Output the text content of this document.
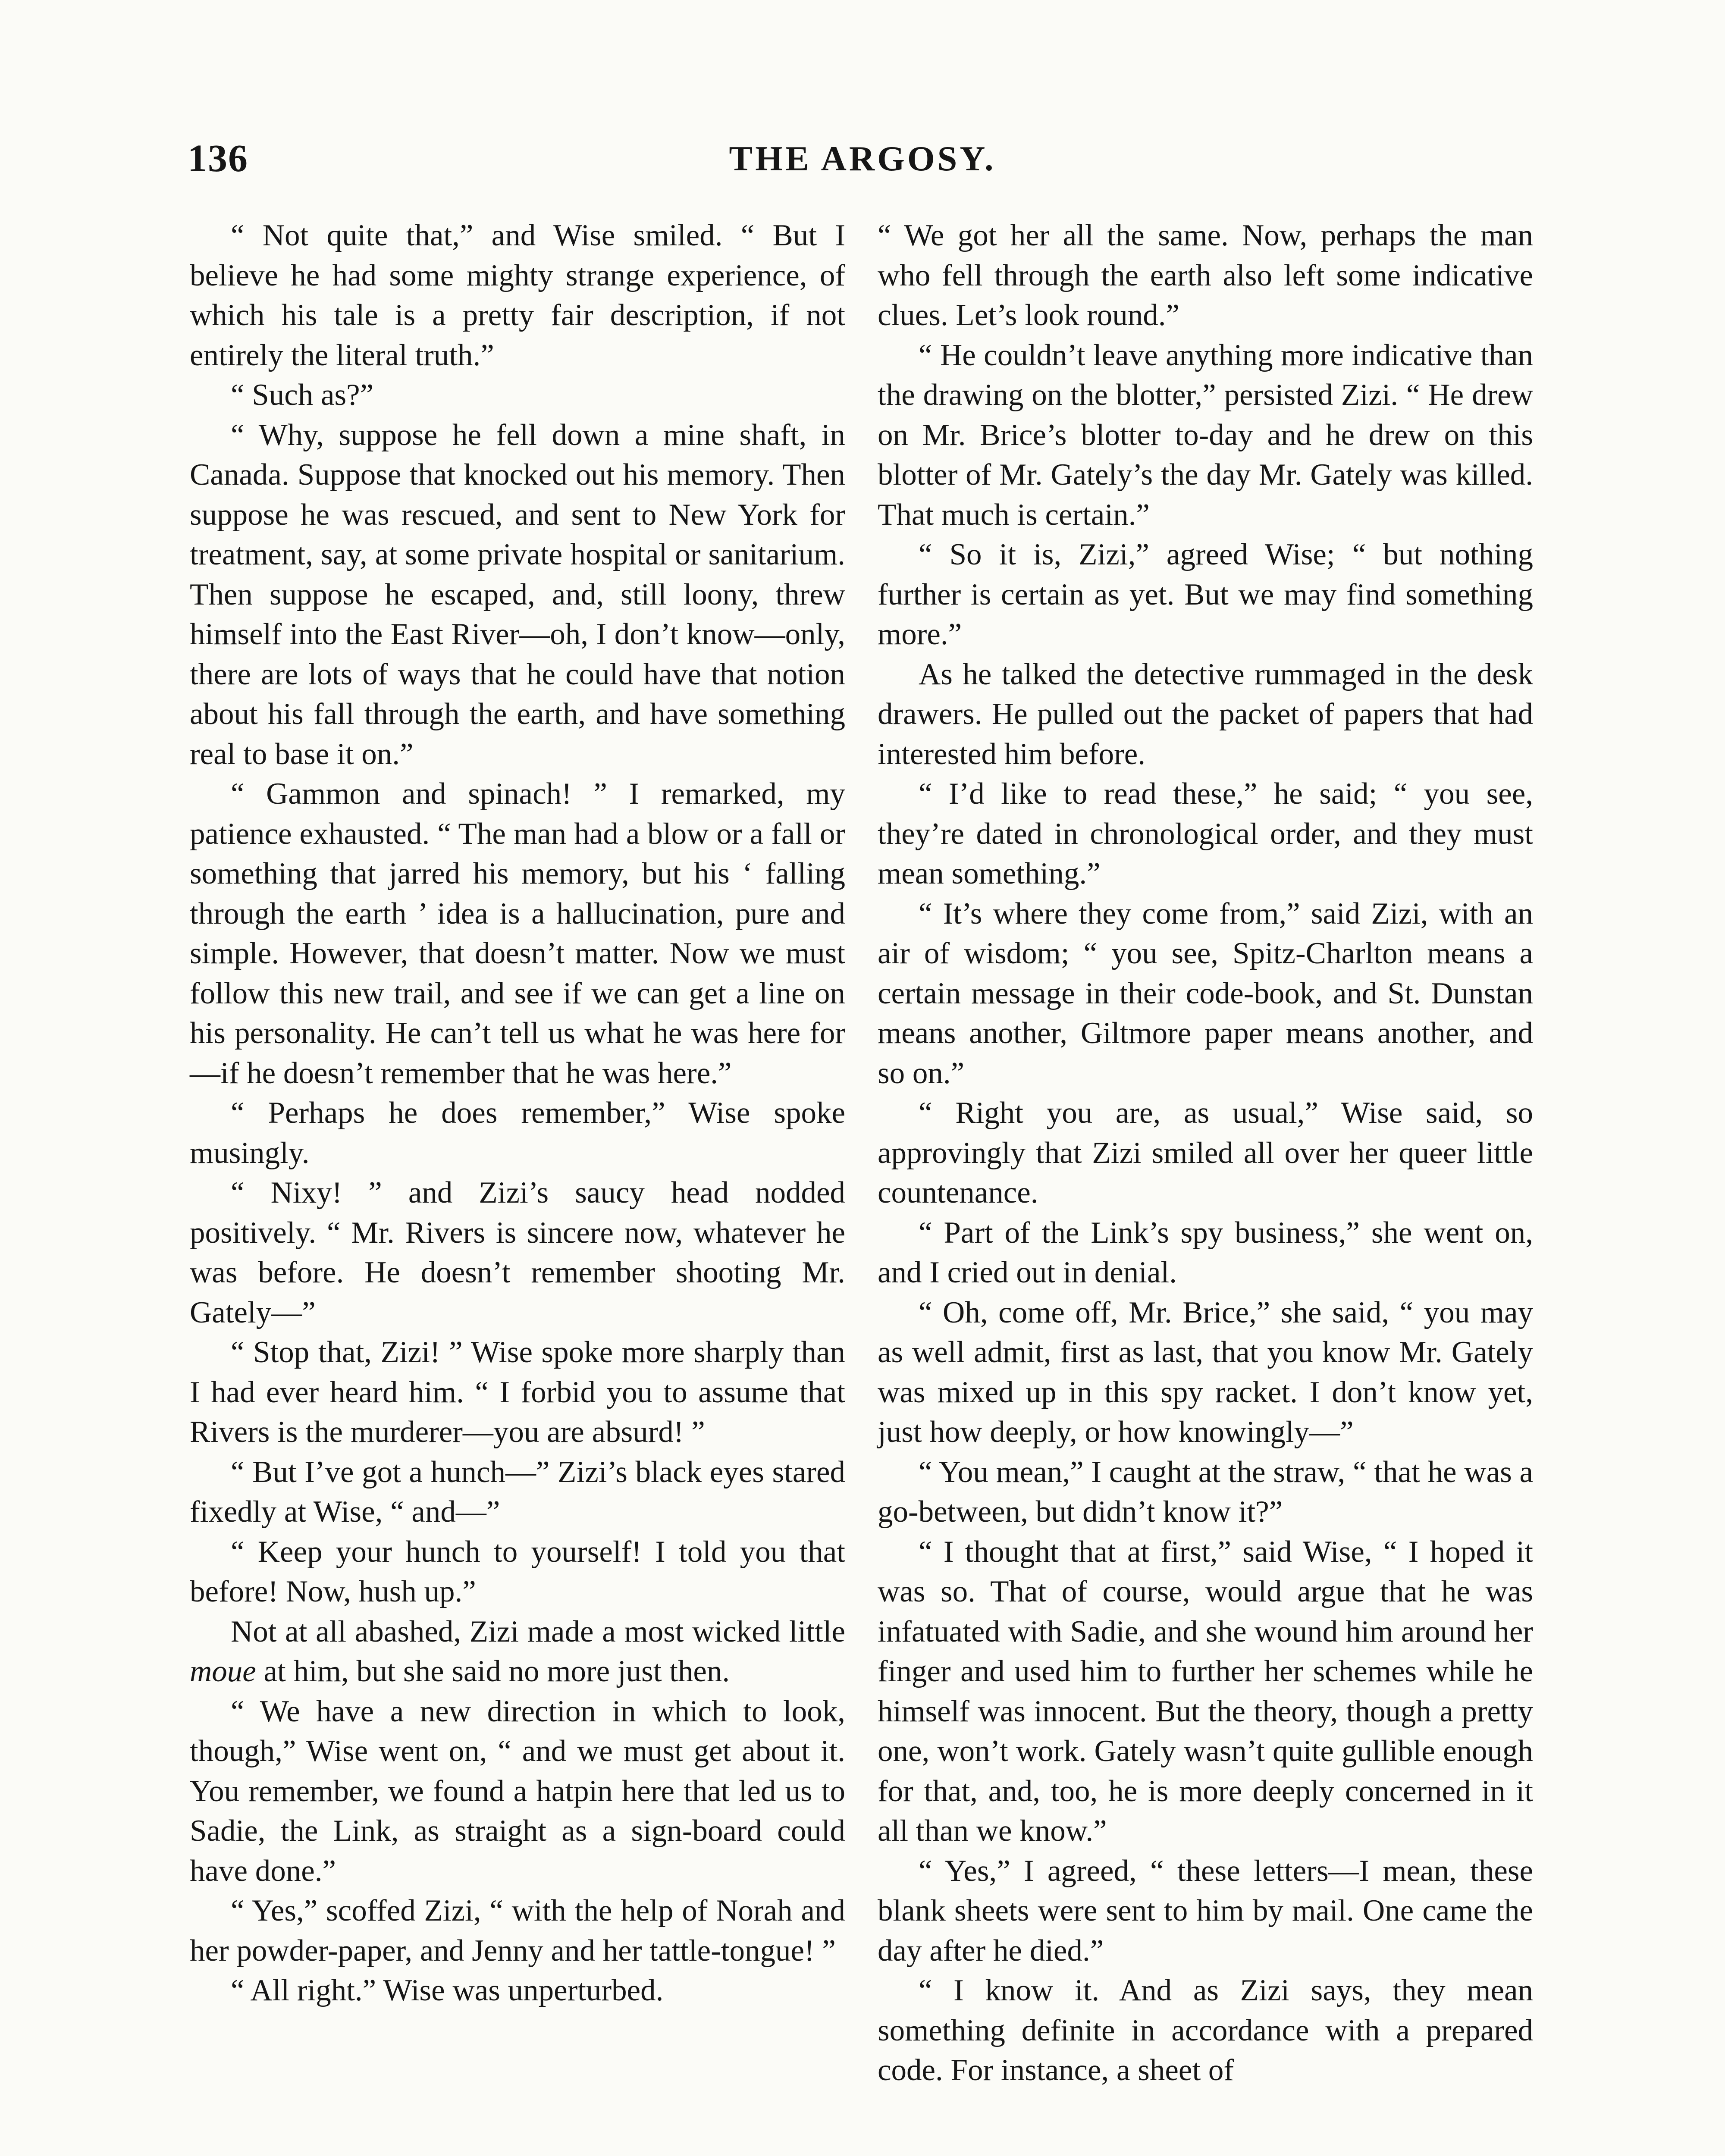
136	THE ARGOSY.

“ Not quite that,” and Wise smiled. “ But I believe he had some mighty strange experience, of which his tale is a pretty fair description, if not entirely the literal truth.”

“ Such as?”

“ Why, suppose he fell down a mine shaft, in Canada. Suppose that knocked out his memory. Then suppose he was rescued, and sent to New York for treatment, say, at some private hospital or sanitarium. Then suppose he escaped, and, still loony, threw himself into the East River—oh, I don’t know—only, there are lots of ways that he could have that notion about his fall through the earth, and have something real to base it on.”

“ Gammon and spinach! ” I remarked, my patience exhausted. “ The man had a blow or a fall or something that jarred his memory, but his ‘ falling through the earth ’ idea is a hallucination, pure and simple. However, that doesn’t matter. Now we must follow this new trail, and see if we can get a line on his personality. He can’t tell us what he was here for—if he doesn’t remember that he was here.”

“ Perhaps he does remember,” Wise spoke musingly.

“ Nixy! ” and Zizi’s saucy head nodded positively. “ Mr. Rivers is sincere now, whatever he was before. He doesn’t remember shooting Mr. Gately—”

“ Stop that, Zizi! ” Wise spoke more sharply than I had ever heard him. “ I forbid you to assume that Rivers is the murderer—you are absurd! ”

“ But I’ve got a hunch—” Zizi’s black eyes stared fixedly at Wise, “ and—”

“ Keep your hunch to yourself! I told you that before! Now, hush up.”

Not at all abashed, Zizi made a most wicked little moue at him, but she said no more just then.

“ We have a new direction in which to look, though,” Wise went on, “ and we must get about it. You remember, we found a hatpin here that led us to Sadie, the Link, as straight as a sign-board could have done.”

“ Yes,” scoffed Zizi, “ with the help of Norah and her powder-paper, and Jenny and her tattle-tongue! ”

“ All right.” Wise was unperturbed.

“ We got her all the same. Now, perhaps the man who fell through the earth also left some indicative clues. Let’s look round.”

“ He couldn’t leave anything more indicative than the drawing on the blotter,” persisted Zizi. “ He drew on Mr. Brice’s blotter to-day and he drew on this blotter of Mr. Gately’s the day Mr. Gately was killed. That much is certain.”

“ So it is, Zizi,” agreed Wise; “ but nothing further is certain as yet. But we may find something more.”

As he talked the detective rummaged in the desk drawers. He pulled out the packet of papers that had interested him before.

“ I’d like to read these,” he said; “ you see, they’re dated in chronological order, and they must mean something.”

“ It’s where they come from,” said Zizi, with an air of wisdom; “ you see, Spitz-Charlton means a certain message in their code-book, and St. Dunstan means another, Giltmore paper means another, and so on.”

“ Right you are, as usual,” Wise said, so approvingly that Zizi smiled all over her queer little countenance.

“ Part of the Link’s spy business,” she went on, and I cried out in denial.

“ Oh, come off, Mr. Brice,” she said, “ you may as well admit, first as last, that you know Mr. Gately was mixed up in this spy racket. I don’t know yet, just how deeply, or how knowingly—”

“ You mean,” I caught at the straw, “ that he was a go-between, but didn’t know it?”

“ I thought that at first,” said Wise, “ I hoped it was so. That of course, would argue that he was infatuated with Sadie, and she wound him around her finger and used him to further her schemes while he himself was innocent. But the theory, though a pretty one, won’t work. Gately wasn’t quite gullible enough for that, and, too, he is more deeply concerned in it all than we know.”

“ Yes,” I agreed, “ these letters—I mean, these blank sheets were sent to him by mail. One came the day after he died.”

“ I know it. And as Zizi says, they mean something definite in accordance with a prepared code. For instance, a sheet of
